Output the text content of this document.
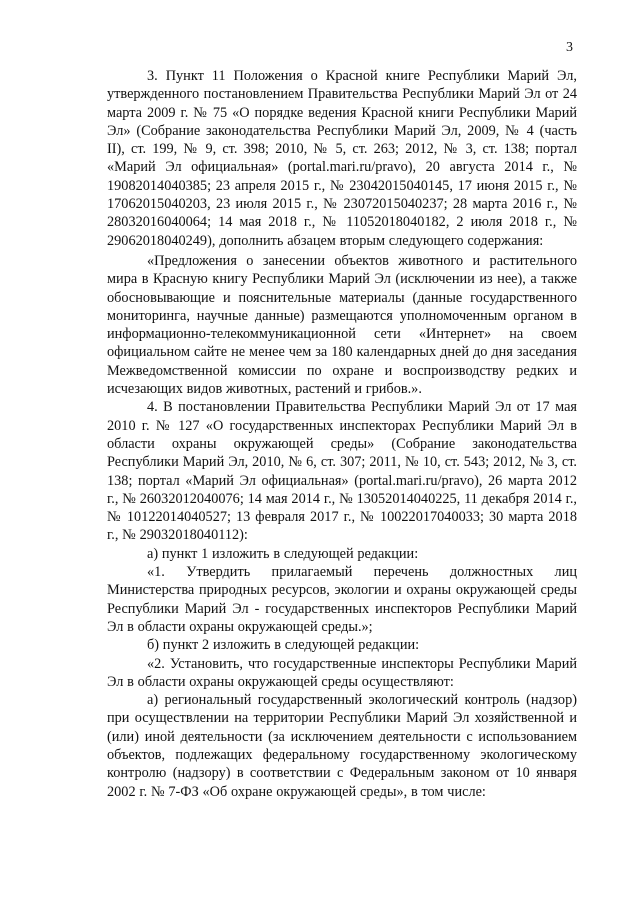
3

3. Пункт 11 Положения о Красной книге Республики Марий Эл, утвержденного постановлением Правительства Республики Марий Эл от 24 марта 2009 г. № 75 «О порядке ведения Красной книги Республики Марий Эл» (Собрание законодательства Республики Марий Эл, 2009, № 4 (часть II), ст. 199, № 9, ст. 398; 2010, № 5, ст. 263; 2012, № 3, ст. 138; портал «Марий Эл официальная» (portal.mari.ru/pravo), 20 августа 2014 г., № 19082014040385; 23 апреля 2015 г., № 23042015040145, 17 июня 2015 г., № 17062015040203, 23 июля 2015 г., № 23072015040237; 28 марта 2016 г., № 28032016040064; 14 мая 2018 г., № 11052018040182, 2 июля 2018 г., № 29062018040249), дополнить абзацем вторым следующего содержания:

«Предложения о занесении объектов животного и растительного мира в Красную книгу Республики Марий Эл (исключении из нее), а также обосновывающие и пояснительные материалы (данные государственного мониторинга, научные данные) размещаются уполномоченным органом в информационно-телекоммуникационной сети «Интернет» на своем официальном сайте не менее чем за 180 календарных дней до дня заседания Межведомственной комиссии по охране и воспроизводству редких и исчезающих видов животных, растений и грибов.».

4. В постановлении Правительства Республики Марий Эл от 17 мая 2010 г. № 127 «О государственных инспекторах Республики Марий Эл в области охраны окружающей среды» (Собрание законодательства Республики Марий Эл, 2010, № 6, ст. 307; 2011, № 10, ст. 543; 2012, № 3, ст. 138; портал «Марий Эл официальная» (portal.mari.ru/pravo), 26 марта 2012 г., № 26032012040076; 14 мая 2014 г., № 13052014040225, 11 декабря 2014 г., № 10122014040527; 13 февраля 2017 г., № 10022017040033; 30 марта 2018 г., № 29032018040112):

а) пункт 1 изложить в следующей редакции:

«1. Утвердить прилагаемый перечень должностных лиц Министерства природных ресурсов, экологии и охраны окружающей среды Республики Марий Эл - государственных инспекторов Республики Марий Эл в области охраны окружающей среды.»;

б) пункт 2 изложить в следующей редакции:

«2. Установить, что государственные инспекторы Республики Марий Эл в области охраны окружающей среды осуществляют:

а) региональный государственный экологический контроль (надзор) при осуществлении на территории Республики Марий Эл хозяйственной и (или) иной деятельности (за исключением деятельности с использованием объектов, подлежащих федеральному государственному экологическому контролю (надзору) в соответствии с Федеральным законом от 10 января 2002 г. № 7-ФЗ «Об охране окружающей среды», в том числе:
